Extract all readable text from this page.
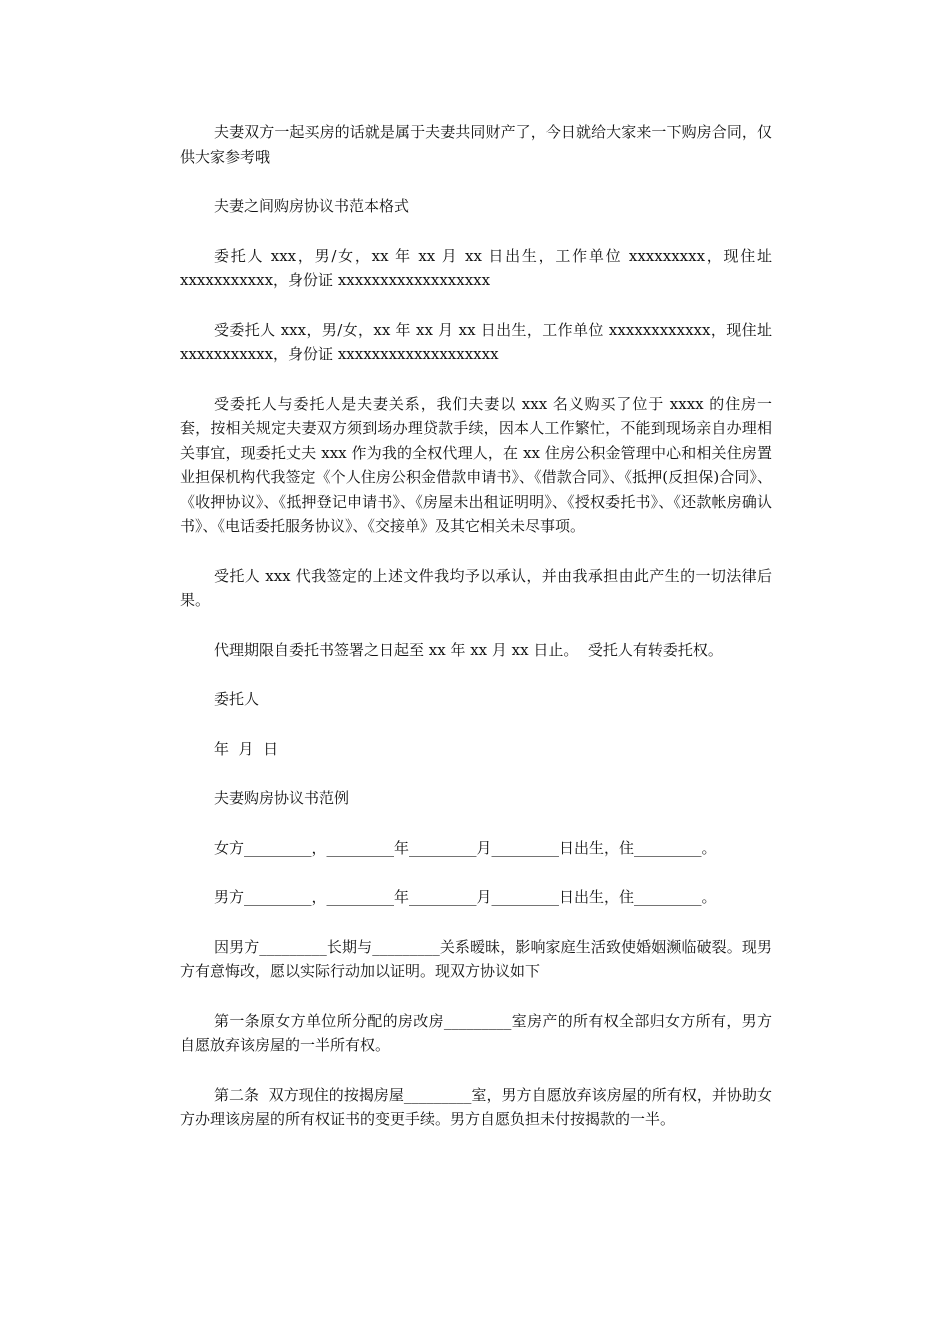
夫妻双方一起买房的话就是属于夫妻共同财产了，今日就给大家来一下购房合同，仅供大家参考哦

夫妻之间购房协议书范本格式

委托人 xxx，男/女，xx 年 xx 月 xx 日出生，工作单位 xxxxxxxxx，现住址 xxxxxxxxxxx，身份证 xxxxxxxxxxxxxxxxxx

受委托人 xxx，男/女，xx 年 xx 月 xx 日出生，工作单位 xxxxxxxxxxxx，现住址 xxxxxxxxxxx，身份证 xxxxxxxxxxxxxxxxxxx

受委托人与委托人是夫妻关系，我们夫妻以 xxx 名义购买了位于 xxxx 的住房一套，按相关规定夫妻双方须到场办理贷款手续，因本人工作繁忙，不能到现场亲自办理相关事宜，现委托丈夫 xxx 作为我的全权代理人，在 xx 住房公积金管理中心和相关住房置业担保机构代我签定《个人住房公积金借款申请书》、《借款合同》、《抵押(反担保)合同》、《收押协议》、《抵押登记申请书》、《房屋未出租证明明》、《授权委托书》、《还款帐房确认书》、《电话委托服务协议》、《交接单》及其它相关未尽事项。

受托人 xxx 代我签定的上述文件我均予以承认，并由我承担由此产生的一切法律后果。

代理期限自委托书签署之日起至 xx 年 xx 月 xx 日止。  受托人有转委托权。

委托人

年  月  日

夫妻购房协议书范例

女方_________，_________年_________月_________日出生，住_________。

男方_________，_________年_________月_________日出生，住_________。

因男方_________长期与_________关系暧昧，影响家庭生活致使婚姻濒临破裂。现男方有意悔改，愿以实际行动加以证明。现双方协议如下

第一条原女方单位所分配的房改房_________室房产的所有权全部归女方所有，男方自愿放弃该房屋的一半所有权。

第二条  双方现住的按揭房屋_________室，男方自愿放弃该房屋的所有权，并协助女方办理该房屋的所有权证书的变更手续。男方自愿负担未付按揭款的一半。
